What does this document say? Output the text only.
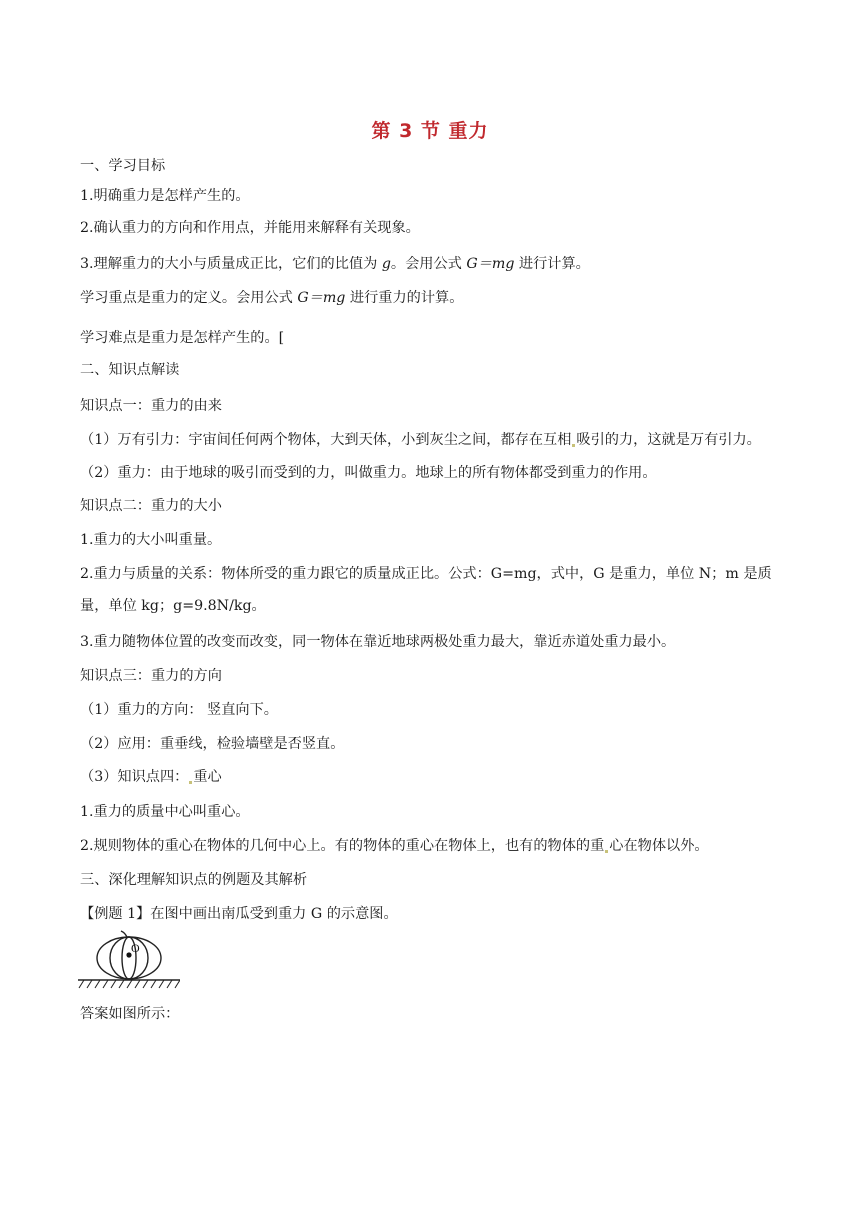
第 3 节 重力
一、学习目标
1.明确重力是怎样产生的。
2.确认重力的方向和作用点，并能用来解释有关现象。
3.理解重力的大小与质量成正比，它们的比值为 g。会用公式 G＝mg 进行计算。
学习重点是重力的定义。会用公式 G＝mg 进行重力的计算。
学习难点是重力是怎样产生的。[
二、知识点解读
知识点一：重力的由来
（1）万有引力：宇宙间任何两个物体，大到天体，小到灰尘之间，都存在互相 吸引的力，这就是万有引力。
（2）重力：由于地球的吸引而受到的力，叫做重力。地球上的所有物体都受到重力的作用。
知识点二：重力的大小
1.重力的大小叫重量。
2.重力与质量的关系：物体所受的重力跟它的质量成正比。公式：G=mg，式中，G 是重力，单位 N；m 是质
量，单位 kg；g=9.8N/kg。
3.重力随物体位置的改变而改变，同一物体在靠近地球两极处重力最大，靠近赤道处重力最小。
知识点三：重力的方向
（1）重力的方向： 竖直向下。
（2）应用：重垂线，检验墙壁是否竖直。
（3）知识点四： 重心
1.重力的质量中心叫重心。
2.规则物体的重心在物体的几何中心上。有的物体的重心在物体上，也有的物体的重 心在物体以外。
三、深化理解知识点的例题及其解析
【例题 1】在图中画出南瓜受到重力 G 的示意图。
O
答案如图所示：
